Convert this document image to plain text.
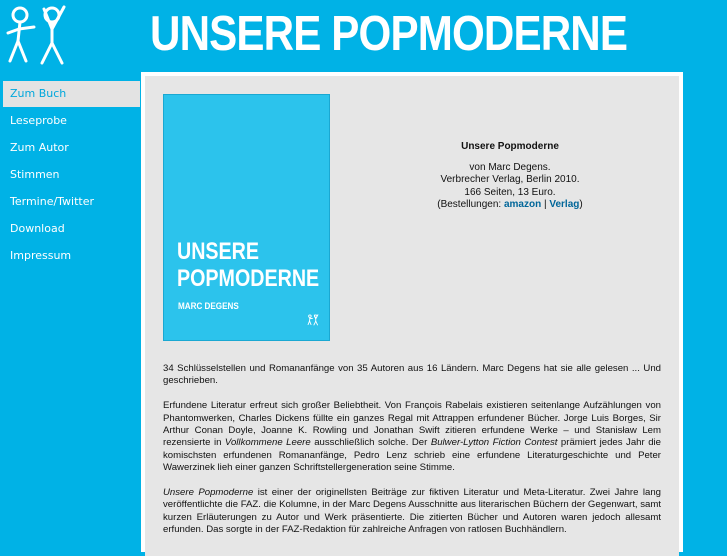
UNSERE POPMODERNE
Zum Buch
Leseprobe
Zum Autor
Stimmen
Termine/Twitter
Download
Impressum	UNSERE
POPMODERNE
MARC DEGENS
Unsere Popmoderne
von Marc Degens.
Verbrecher Verlag, Berlin 2010.
166 Seiten, 13 Euro.
(Bestellungen: amazon | Verlag)

34 Schlüsselstellen und Romananfänge von 35 Autoren aus 16 Ländern. Marc Degens hat sie alle gelesen ... Und geschrieben.

Erfundene Literatur erfreut sich großer Beliebtheit. Von François Rabelais existieren seitenlange Aufzählungen von Phantomwerken, Charles Dickens füllte ein ganzes Regal mit Attrappen erfundener Bücher. Jorge Luis Borges, Sir Arthur Conan Doyle, Joanne K. Rowling und Jonathan Swift zitieren erfundene Werke – und Stanisław Lem rezensierte in Vollkommene Leere ausschließlich solche. Der Bulwer-Lytton Fiction Contest prämiert jedes Jahr die komischsten erfundenen Romananfänge, Pedro Lenz schrieb eine erfundene Literaturgeschichte und Peter Wawerzinek lieh einer ganzen Schriftstellergeneration seine Stimme.

Unsere Popmoderne ist einer der originellsten Beiträge zur fiktiven Literatur und Meta-Literatur. Zwei Jahre lang veröffentlichte die FAZ. die Kolumne, in der Marc Degens Ausschnitte aus literarischen Büchern der Gegenwart, samt kurzen Erläuterungen zu Autor und Werk präsentierte. Die zitierten Bücher und Autoren waren jedoch allesamt erfunden. Das sorgte in der FAZ-Redaktion für zahlreiche Anfragen von ratlosen Buchhändlern.
